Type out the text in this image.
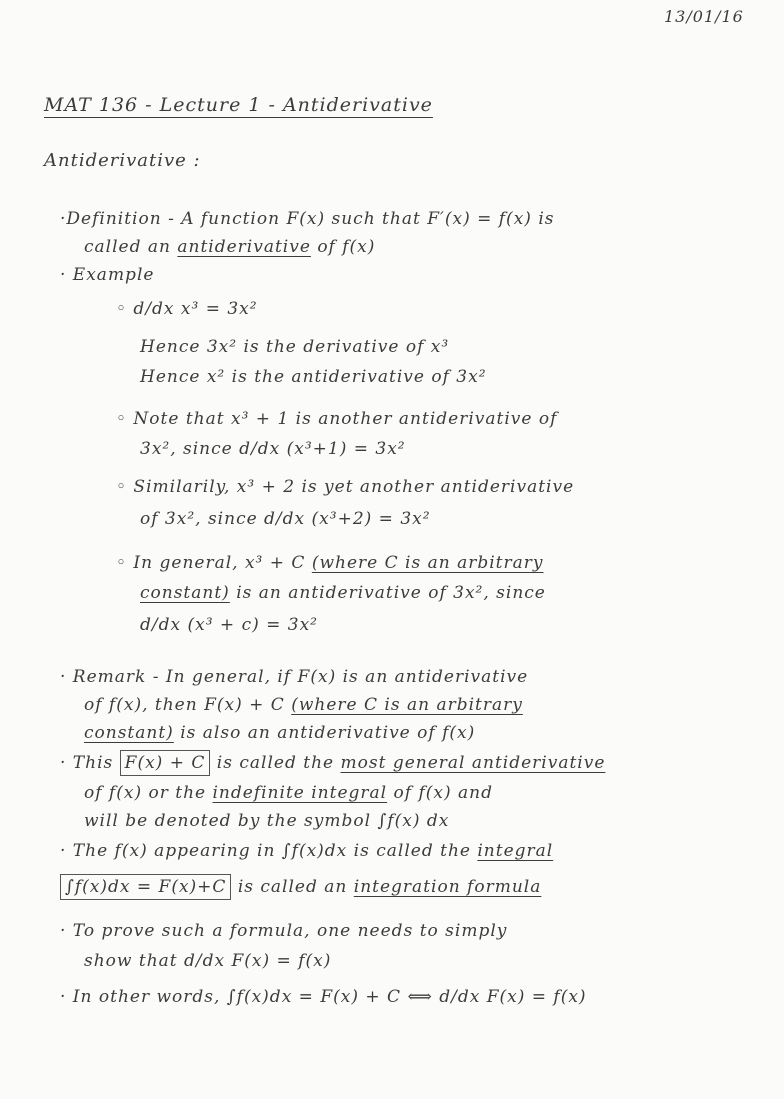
13/01/16
MAT 136 - Lecture 1 - Antiderivative
Antiderivative :
·Definition - A function F(x) such that F′(x) = f(x) is
called an antiderivative of f(x)
· Example
◦ d/dx x³ = 3x²
Hence 3x² is the derivative of x³
Hence x² is the antiderivative of 3x²
◦ Note that x³ + 1 is another antiderivative of
3x², since d/dx (x³+1) = 3x²
◦ Similarily, x³ + 2 is yet another antiderivative
of 3x², since d/dx (x³+2) = 3x²
◦ In general, x³ + C (where C is an arbitrary
constant) is an antiderivative of 3x², since
d/dx (x³ + c) = 3x²
· Remark - In general, if F(x) is an antiderivative
of f(x), then F(x) + C (where C is an arbitrary
constant) is also an antiderivative of f(x)
· This F(x) + C is called the most general antiderivative
of f(x) or the indefinite integral of f(x) and
will be denoted by the symbol ∫f(x) dx
· The f(x) appearing in ∫f(x)dx is called the integral
∫f(x)dx = F(x)+C is called an integration formula
· To prove such a formula, one needs to simply
show that d/dx F(x) = f(x)
· In other words, ∫f(x)dx = F(x) + C ⟺ d/dx F(x) = f(x)
